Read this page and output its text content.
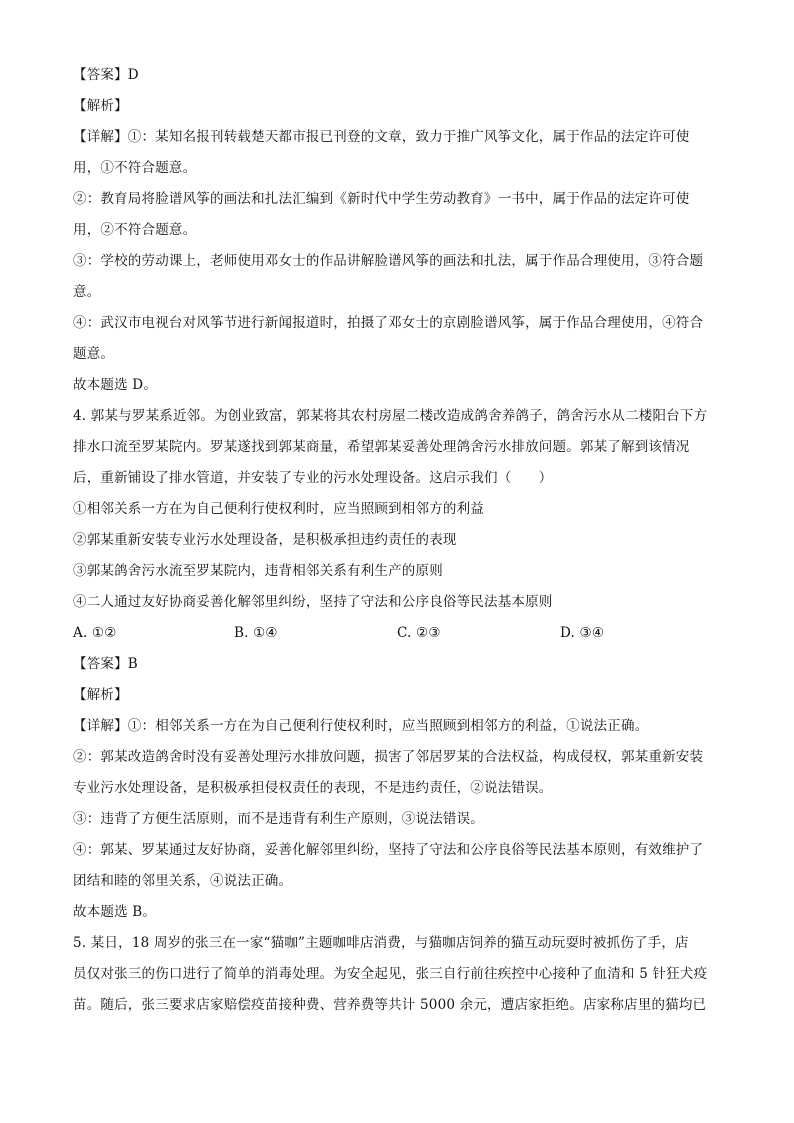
【答案】D
【解析】
【详解】①：某知名报刊转载楚天都市报已刊登的文章，致力于推广风筝文化，属于作品的法定许可使
用，①不符合题意。
②：教育局将脸谱风筝的画法和扎法汇编到《新时代中学生劳动教育》一书中，属于作品的法定许可使
用，②不符合题意。
③：学校的劳动课上，老师使用邓女士的作品讲解脸谱风筝的画法和扎法，属于作品合理使用，③符合题
意。
④：武汉市电视台对风筝节进行新闻报道时，拍摄了邓女士的京剧脸谱风筝，属于作品合理使用，④符合
题意。
故本题选 D。
4. 郭某与罗某系近邻。为创业致富，郭某将其农村房屋二楼改造成鸽舍养鸽子，鸽舍污水从二楼阳台下方
排水口流至罗某院内。罗某遂找到郭某商量，希望郭某妥善处理鸽舍污水排放问题。郭某了解到该情况
后，重新铺设了排水管道，并安装了专业的污水处理设备。这启示我们（　　）
①相邻关系一方在为自己便利行使权利时，应当照顾到相邻方的利益
②郭某重新安装专业污水处理设备，是积极承担违约责任的表现
③郭某鸽舍污水流至罗某院内，违背相邻关系有利生产的原则
④二人通过友好协商妥善化解邻里纠纷，坚持了守法和公序良俗等民法基本原则
A. ①②	B. ①④	C. ②③	D. ③④
【答案】B
【解析】
【详解】①：相邻关系一方在为自己便利行使权利时，应当照顾到相邻方的利益，①说法正确。
②：郭某改造鸽舍时没有妥善处理污水排放问题，损害了邻居罗某的合法权益，构成侵权，郭某重新安装
专业污水处理设备，是积极承担侵权责任的表现，不是违约责任，②说法错误。
③：违背了方便生活原则，而不是违背有利生产原则，③说法错误。
④：郭某、罗某通过友好协商，妥善化解邻里纠纷，坚持了守法和公序良俗等民法基本原则，有效维护了
团结和睦的邻里关系，④说法正确。
故本题选 B。
5. 某日，18 周岁的张三在一家“猫咖”主题咖啡店消费，与猫咖店饲养的猫互动玩耍时被抓伤了手，店
员仅对张三的伤口进行了简单的消毒处理。为安全起见，张三自行前往疾控中心接种了血清和 5 针狂犬疫
苗。随后，张三要求店家赔偿疫苗接种费、营养费等共计 5000 余元，遭店家拒绝。店家称店里的猫均已
